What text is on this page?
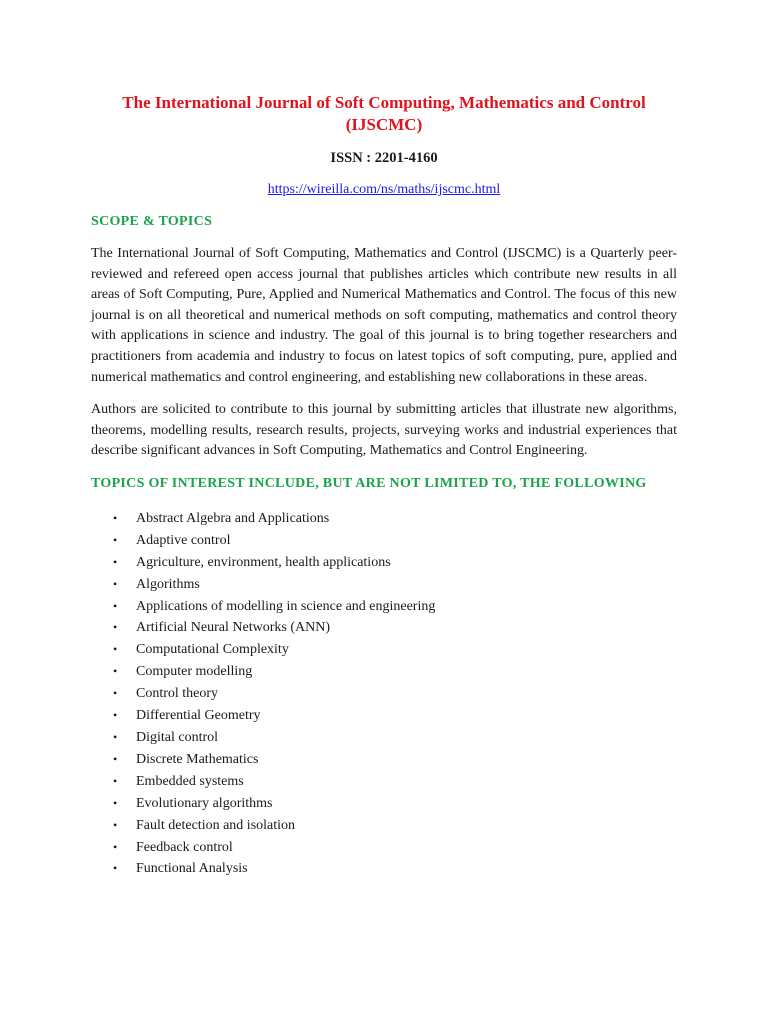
The International Journal of Soft Computing, Mathematics and Control (IJSCMC)
ISSN : 2201-4160
https://wireilla.com/ns/maths/ijscmc.html
SCOPE & TOPICS

The International Journal of Soft Computing, Mathematics and Control (IJSCMC) is a Quarterly peer-reviewed and refereed open access journal that publishes articles which contribute new results in all areas of Soft Computing, Pure, Applied and Numerical Mathematics and Control. The focus of this new journal is on all theoretical and numerical methods on soft computing, mathematics and control theory with applications in science and industry. The goal of this journal is to bring together researchers and practitioners from academia and industry to focus on latest topics of soft computing, pure, applied and numerical mathematics and control engineering, and establishing new collaborations in these areas.

Authors are solicited to contribute to this journal by submitting articles that illustrate new algorithms, theorems, modelling results, research results, projects, surveying works and industrial experiences that describe significant advances in Soft Computing, Mathematics and Control Engineering.

TOPICS OF INTEREST INCLUDE, BUT ARE NOT LIMITED TO, THE FOLLOWING
• Abstract Algebra and Applications
• Adaptive control
• Agriculture, environment, health applications
• Algorithms
• Applications of modelling in science and engineering
• Artificial Neural Networks (ANN)
• Computational Complexity
• Computer modelling
• Control theory
• Differential Geometry
• Digital control
• Discrete Mathematics
• Embedded systems
• Evolutionary algorithms
• Fault detection and isolation
• Feedback control
• Functional Analysis
